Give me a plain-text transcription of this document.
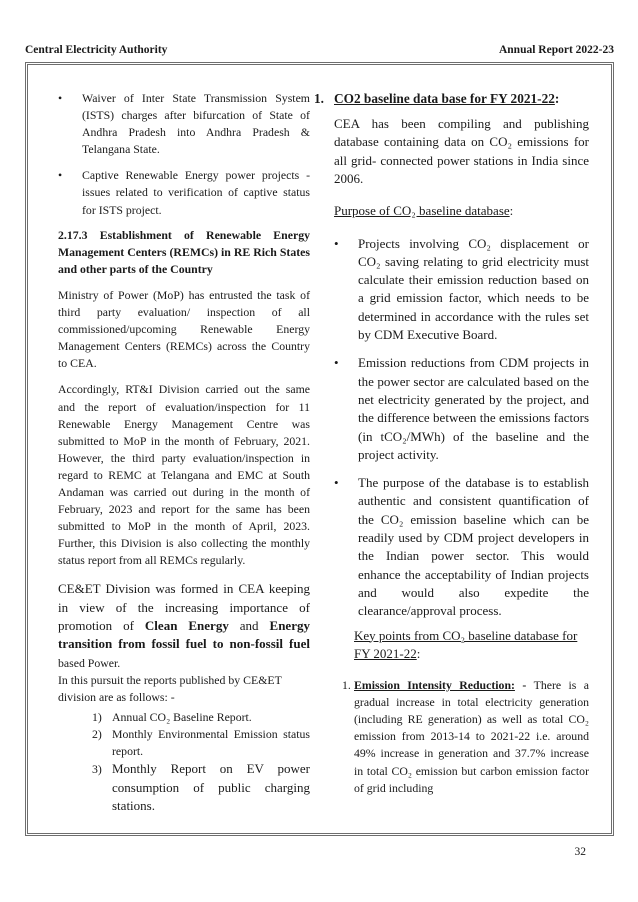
Central Electricity Authority	Annual Report 2022-23
•	Waiver of Inter State Transmission System (ISTS) charges after bifurcation of State of Andhra Pradesh into Andhra Pradesh & Telangana State.

•	Captive Renewable Energy power projects - issues related to verification of captive status for ISTS project.

2.17.3 Establishment of Renewable Energy Management Centers (REMCs) in RE Rich States and other parts of the Country

Ministry of Power (MoP) has entrusted the task of third party evaluation/ inspection of all commissioned/upcoming Renewable Energy Management Centers (REMCs) across the Country to CEA.

Accordingly, RT&I Division carried out the same and the report of evaluation/inspection for 11 Renewable Energy Management Centre was submitted to MoP in the month of February, 2021. However, the third party evaluation/inspection in regard to REMC at Telangana and EMC at South Andaman was carried out during in the month of February, 2023 and report for the same has been submitted to MoP in the month of April, 2023. Further, this Division is also collecting the monthly status report from all REMCs regularly.

CE&ET Division was formed in CEA keeping in view of the increasing importance of promotion of Clean Energy and Energy transition from fossil fuel to non-fossil fuel based Power.

In this pursuit the reports published by CE&ET division are as follows: -

1) Annual CO₂ Baseline Report.

2) Monthly Environmental Emission status report.

3) Monthly Report on EV power consumption of public charging stations.

1. CO2 baseline data base for FY 2021-22:

CEA has been compiling and publishing database containing data on CO₂ emissions for all grid- connected power stations in India since 2006.

Purpose of CO₂ baseline database:

•	Projects involving CO₂ displacement or CO₂ saving relating to grid electricity must calculate their emission reduction based on a grid emission factor, which needs to be determined in accordance with the rules set by CDM Executive Board.

•	Emission reductions from CDM projects in the power sector are calculated based on the net electricity generated by the project, and the difference between the emissions factors (in tCO₂/MWh) of the baseline and the project activity.

•	The purpose of the database is to establish authentic and consistent quantification of the CO₂ emission baseline which can be readily used by CDM project developers in the Indian power sector. This would enhance the acceptability of Indian projects and would also expedite the clearance/approval process.

Key points from CO₂ baseline database for FY 2021-22:

1. Emission Intensity Reduction: - There is a gradual increase in total electricity generation (including RE generation) as well as total CO₂ emission from 2013-14 to 2021-22 i.e. around 49% increase in generation and 37.7% increase in total CO₂ emission but carbon emission factor of grid including

32
